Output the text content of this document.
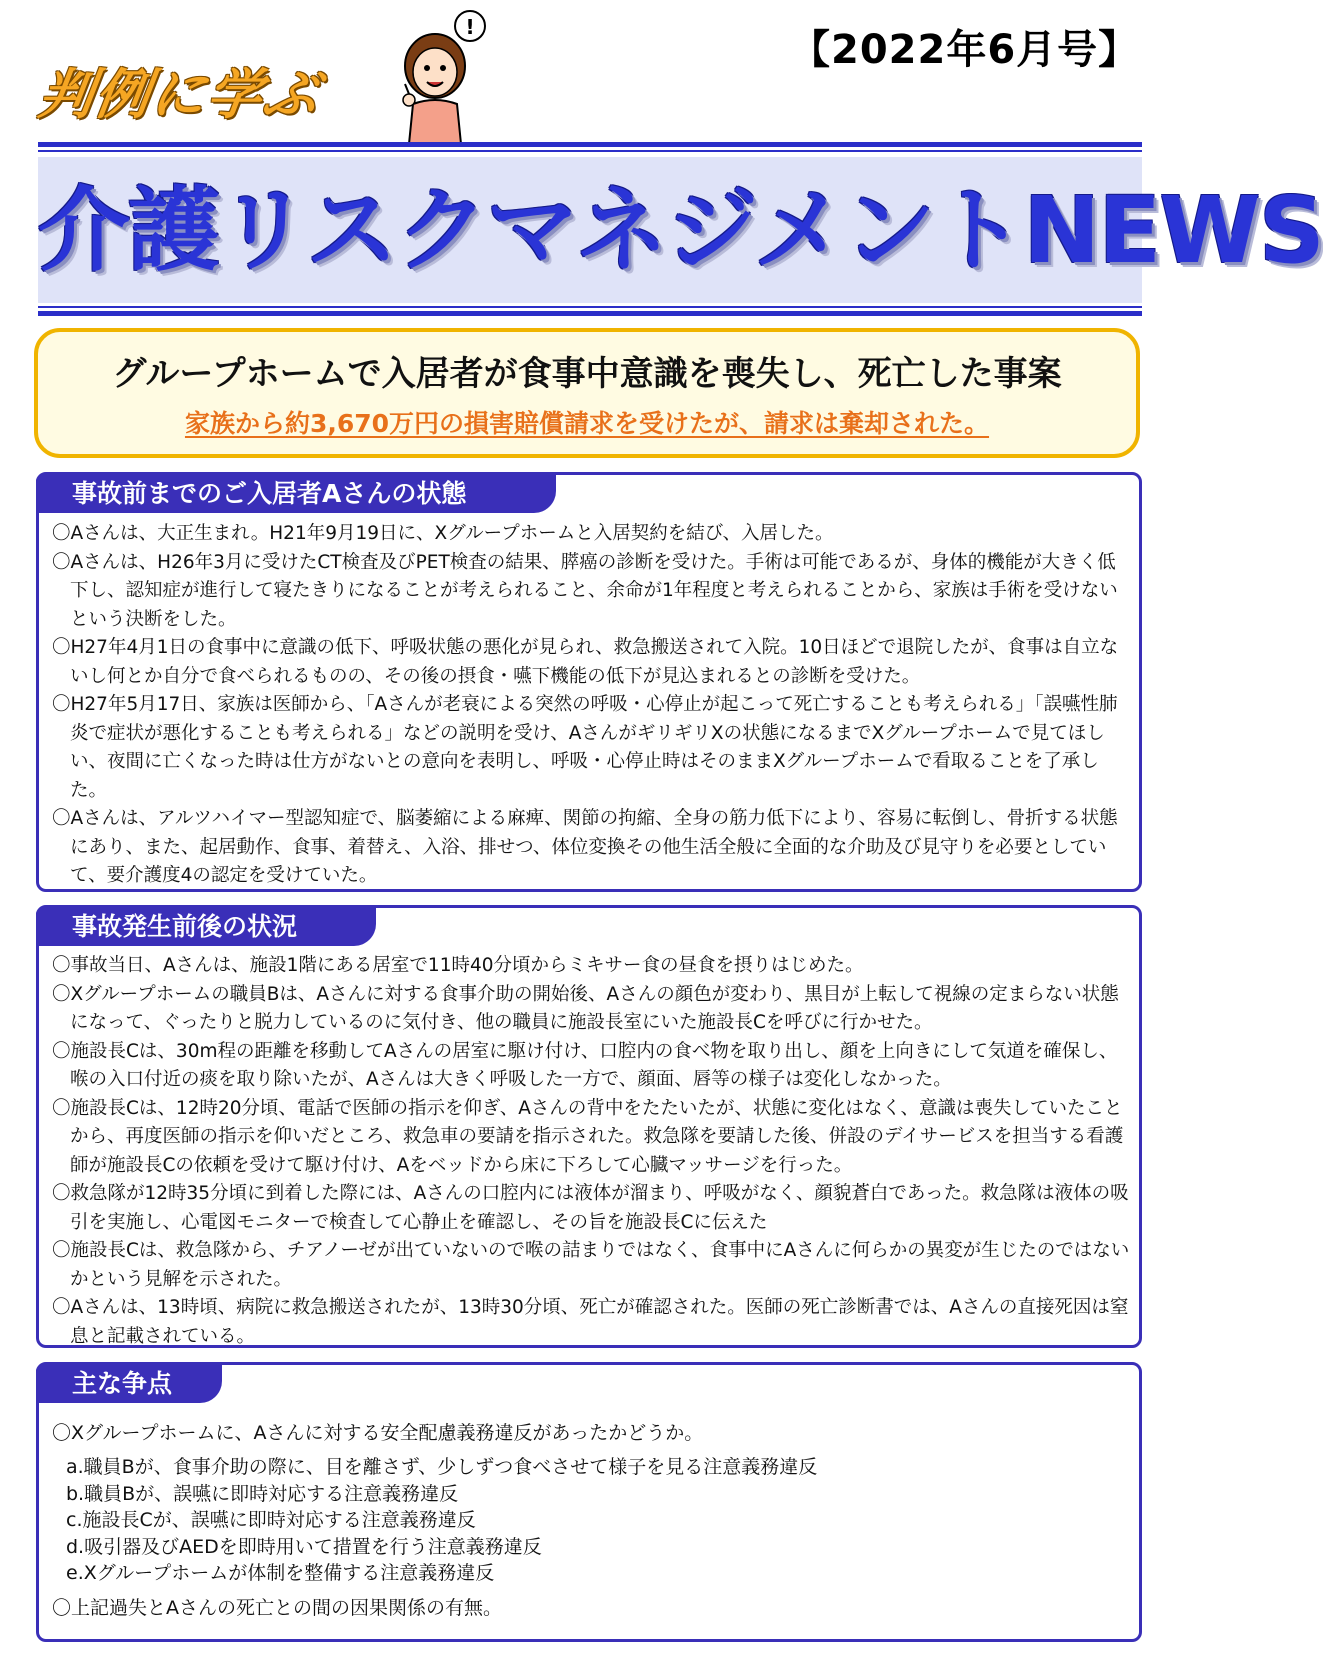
判例に学ぶ
!	【2022年6月号】
介護リスクマネジメントNEWS
グループホームで入居者が食事中意識を喪失し、死亡した事案
家族から約3,670万円の損害賠償請求を受けたが、請求は棄却された。
事故前までのご入居者Aさんの状態

〇Aさんは、大正生まれ。H21年9月19日に、Xグループホームと入居契約を結び、入居した。

〇Aさんは、H26年3月に受けたCT検査及びPET検査の結果、膵癌の診断を受けた。手術は可能であるが、身体的機能が大きく低下し、認知症が進行して寝たきりになることが考えられること、余命が1年程度と考えられることから、家族は手術を受けないという決断をした。

〇H27年4月1日の食事中に意識の低下、呼吸状態の悪化が見られ、救急搬送されて入院。10日ほどで退院したが、食事は自立ないし何とか自分で食べられるものの、その後の摂食・嚥下機能の低下が見込まれるとの診断を受けた。

〇H27年5月17日、家族は医師から、「Aさんが老衰による突然の呼吸・心停止が起こって死亡することも考えられる」「誤嚥性肺炎で症状が悪化することも考えられる」などの説明を受け、AさんがギリギリXの状態になるまでXグループホームで見てほしい、夜間に亡くなった時は仕方がないとの意向を表明し、呼吸・心停止時はそのままXグループホームで看取ることを了承した。

〇Aさんは、アルツハイマー型認知症で、脳萎縮による麻痺、関節の拘縮、全身の筋力低下により、容易に転倒し、骨折する状態にあり、また、起居動作、食事、着替え、入浴、排せつ、体位変換その他生活全般に全面的な介助及び見守りを必要としていて、要介護度4の認定を受けていた。

事故発生前後の状況

〇事故当日、Aさんは、施設1階にある居室で11時40分頃からミキサー食の昼食を摂りはじめた。

〇Xグループホームの職員Bは、Aさんに対する食事介助の開始後、Aさんの顔色が変わり、黒目が上転して視線の定まらない状態になって、ぐったりと脱力しているのに気付き、他の職員に施設長室にいた施設長Cを呼びに行かせた。

〇施設長Cは、30m程の距離を移動してAさんの居室に駆け付け、口腔内の食べ物を取り出し、顔を上向きにして気道を確保し、喉の入口付近の痰を取り除いたが、Aさんは大きく呼吸した一方で、顔面、唇等の様子は変化しなかった。

〇施設長Cは、12時20分頃、電話で医師の指示を仰ぎ、Aさんの背中をたたいたが、状態に変化はなく、意識は喪失していたことから、再度医師の指示を仰いだところ、救急車の要請を指示された。救急隊を要請した後、併設のデイサービスを担当する看護師が施設長Cの依頼を受けて駆け付け、Aをベッドから床に下ろして心臓マッサージを行った。

〇救急隊が12時35分頃に到着した際には、Aさんの口腔内には液体が溜まり、呼吸がなく、顔貌蒼白であった。救急隊は液体の吸引を実施し、心電図モニターで検査して心静止を確認し、その旨を施設長Cに伝えた

〇施設長Cは、救急隊から、チアノーゼが出ていないので喉の詰まりではなく、食事中にAさんに何らかの異変が生じたのではないかという見解を示された。

〇Aさんは、13時頃、病院に救急搬送されたが、13時30分頃、死亡が確認された。医師の死亡診断書では、Aさんの直接死因は窒息と記載されている。

主な争点

〇Xグループホームに、Aさんに対する安全配慮義務違反があったかどうか。

a.職員Bが、食事介助の際に、目を離さず、少しずつ食べさせて様子を見る注意義務違反
b.職員Bが、誤嚥に即時対応する注意義務違反
c.施設長Cが、誤嚥に即時対応する注意義務違反
d.吸引器及びAEDを即時用いて措置を行う注意義務違反
e.Xグループホームが体制を整備する注意義務違反

〇上記過失とAさんの死亡との間の因果関係の有無。
